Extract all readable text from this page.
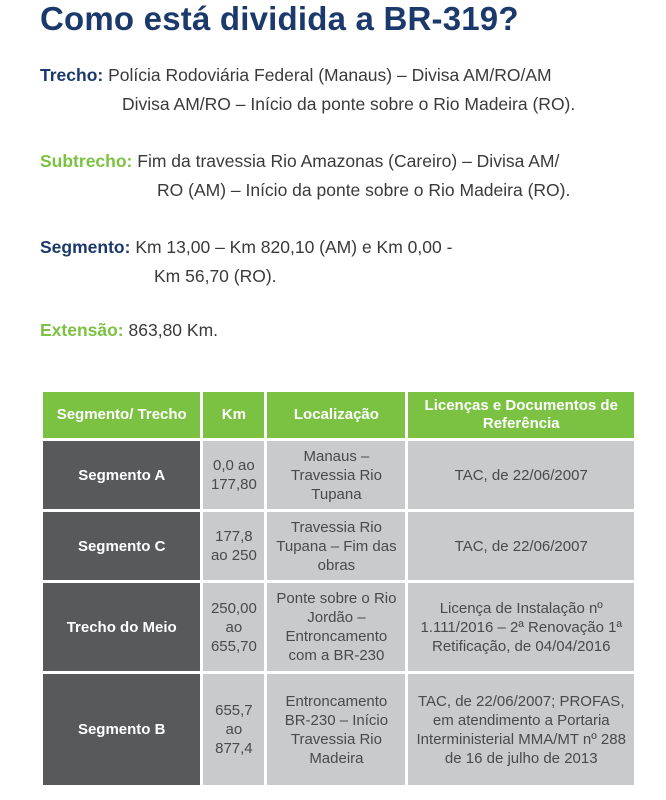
Como está dividida a BR-319?
Trecho: Polícia Rodoviária Federal (Manaus) – Divisa AM/RO/AM
Divisa AM/RO – Início da ponte sobre o Rio Madeira (RO).
Subtrecho: Fim da travessia Rio Amazonas (Careiro) – Divisa AM/
RO (AM) – Início da ponte sobre o Rio Madeira (RO).
Segmento: Km 13,00 – Km 820,10 (AM) e Km 0,00 -
Km 56,70 (RO).
Extensão: 863,80 Km.
Segmento/ Trecho	Km	Localização	Licenças e Documentos de Referência
Segmento A	0,0 ao 177,80	Manaus – Travessia Rio Tupana	TAC, de 22/06/2007
Segmento C	177,8 ao 250	Travessia Rio Tupana – Fim das obras	TAC, de 22/06/2007
Trecho do Meio	250,00 ao 655,70	Ponte sobre o Rio Jordão – Entroncamento com a BR-230	Licença de Instalação nº 1.111/2016 – 2ª Renovação 1ª Retificação, de 04/04/2016
Segmento B	655,7 ao 877,4	Entroncamento BR-230 – Início Travessia Rio Madeira	TAC, de 22/06/2007; PROFAS, em atendimento a Portaria Interministerial MMA/MT nº 288 de 16 de julho de 2013
